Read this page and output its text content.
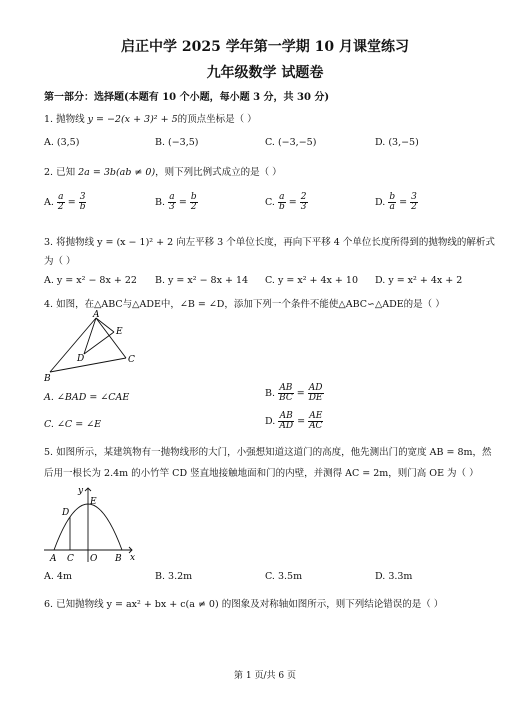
启正中学 2025 学年第一学期 10 月课堂练习
九年级数学 试题卷
第一部分：选择题(本题有 10 个小题，每小题 3 分，共 30 分)
1. 抛物线 y = −2(x + 3)² + 5的顶点坐标是（ ）
A. (3,5)	B. (−3,5)	C. (−3,−5)	D. (3,−5)
2. 已知 2a = 3b(ab ≠ 0)，则下列比例式成立的是（ ）
A. $\frac{a}{2} = \frac{3}{b}$	B. $\frac{a}{3} = \frac{b}{2}$	C. $\frac{a}{b} = \frac{2}{3}$	D. $\frac{b}{a} = \frac{3}{2}$
3. 将抛物线 y = (x − 1)² + 2 向左平移 3 个单位长度，再向下平移 4 个单位长度所得到的抛物线的解析式
为（ ）
A. y = x² − 8x + 22 B. y = x² − 8x + 14 C. y = x² + 4x + 10 D. y = x² + 4x + 2
4. 如图，在△ABC与△ADE中，∠B = ∠D，添加下列一个条件不能使△ABC∽△ADE的是（ ）
A
E
D	C
B
A. ∠BAD = ∠CAE	B. $\frac{AB}{BC} = \frac{AD}{DE}$
C. ∠C = ∠E	D. $\frac{AB}{AD} = \frac{AE}{AC}$
5. 如图所示，某建筑物有一抛物线形的大门，小强想知道这道门的高度，他先测出门的宽度 AB = 8m，然
后用一根长为 2.4m 的小竹竿 CD 竖直地接触地面和门的内壁，并测得 AC = 2m，则门高 OE 为（ ）
y
E
D
A C O B x
A. 4m	B. 3.2m	C. 3.5m	D. 3.3m
6. 已知抛物线 y = ax² + bx + c(a ≠ 0) 的图象及对称轴如图所示，则下列结论错误的是（ ）
第 1 页/共 6 页
